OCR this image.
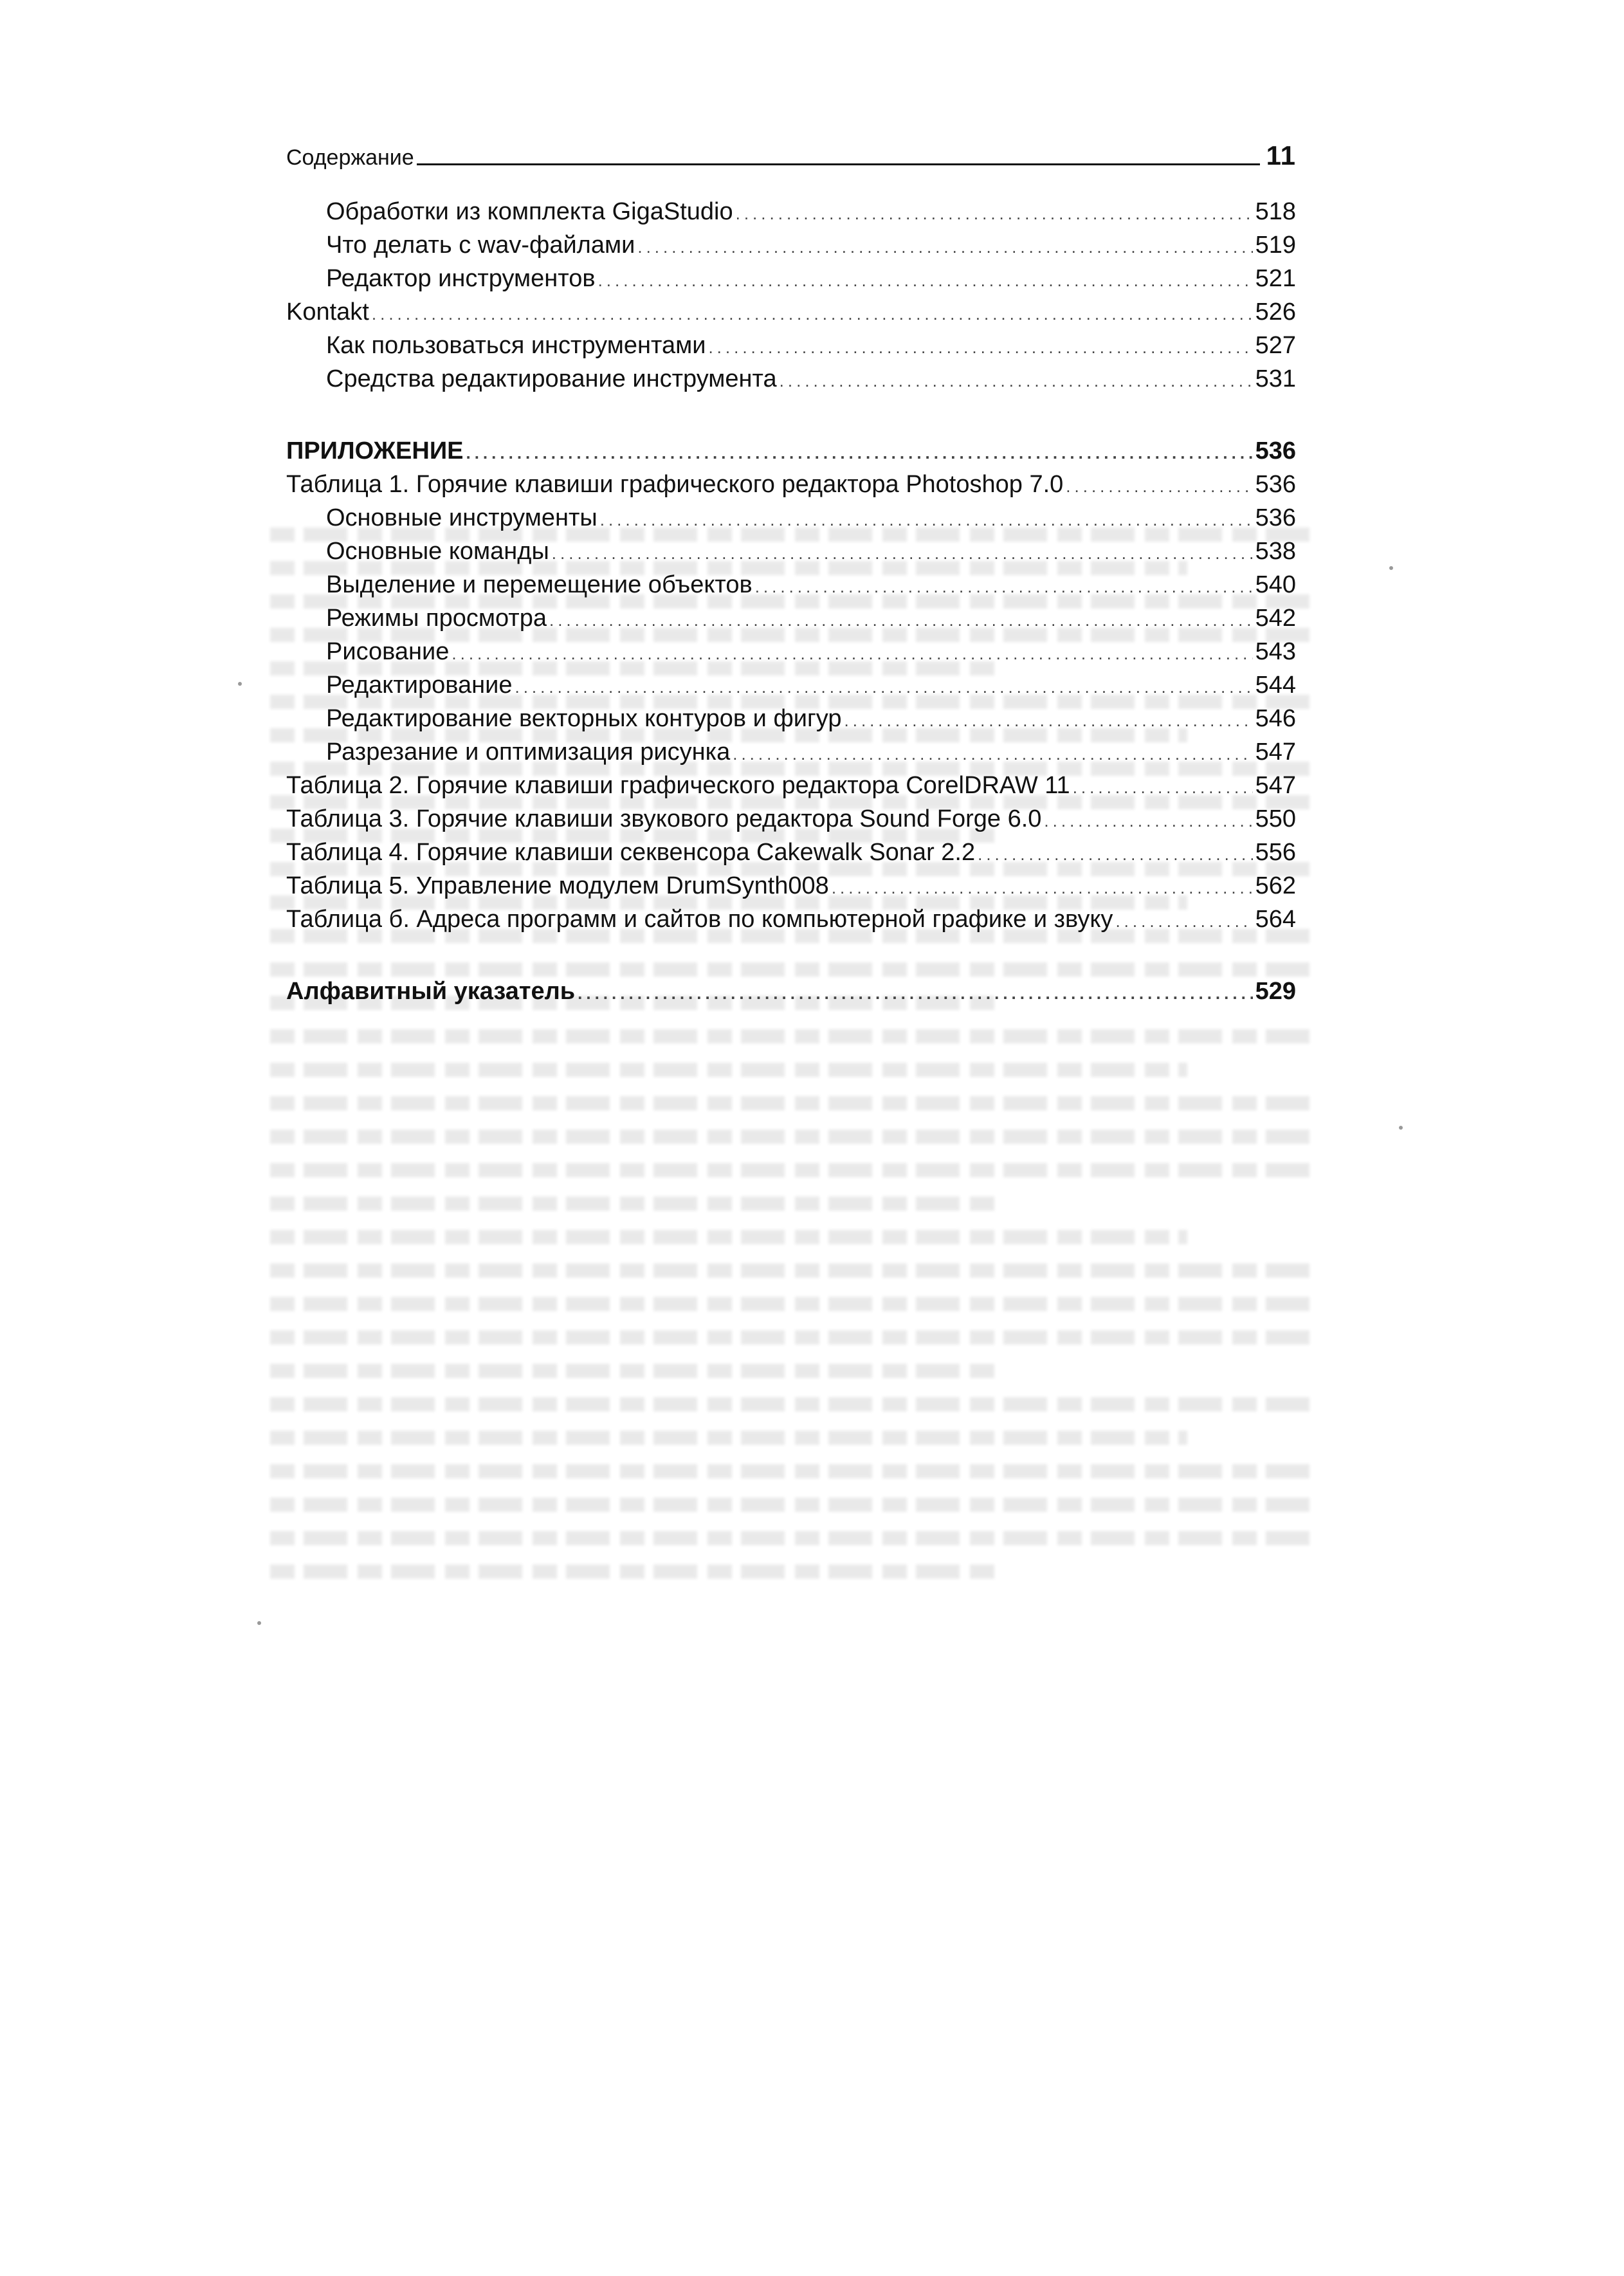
Содержание	11
Обработки из комплекта GigaStudio .....	518
Что делать с wav-файлами .....	519
Редактор инструментов .....	521
Kontakt .....	526
Как пользоваться инструментами .....	527
Средства редактирование инструмента .....	531
ПРИЛОЖЕНИЕ .....	536
Таблица 1. Горячие клавиши графического редактора Photoshop 7.0 .....	536
Основные инструменты .....	536
Основные команды .....	538
Выделение и перемещение объектов .....	540
Режимы просмотра .....	542
Рисование .....	543
Редактирование .....	544
Редактирование векторных контуров и фигур .....	546
Разрезание и оптимизация рисунка .....	547
Таблица 2. Горячие клавиши графического редактора CorelDRAW 11 .....	547
Таблица 3. Горячие клавиши звукового редактора Sound Forge 6.0 .....	550
Таблица 4. Горячие клавиши секвенсора Cakewalk Sonar 2.2 .....	556
Таблица 5. Управление модулем DrumSynth008 .....	562
Таблица б. Адреса программ и сайтов по компьютерной графике и звуку .....	564
Алфавитный указатель .....	529
